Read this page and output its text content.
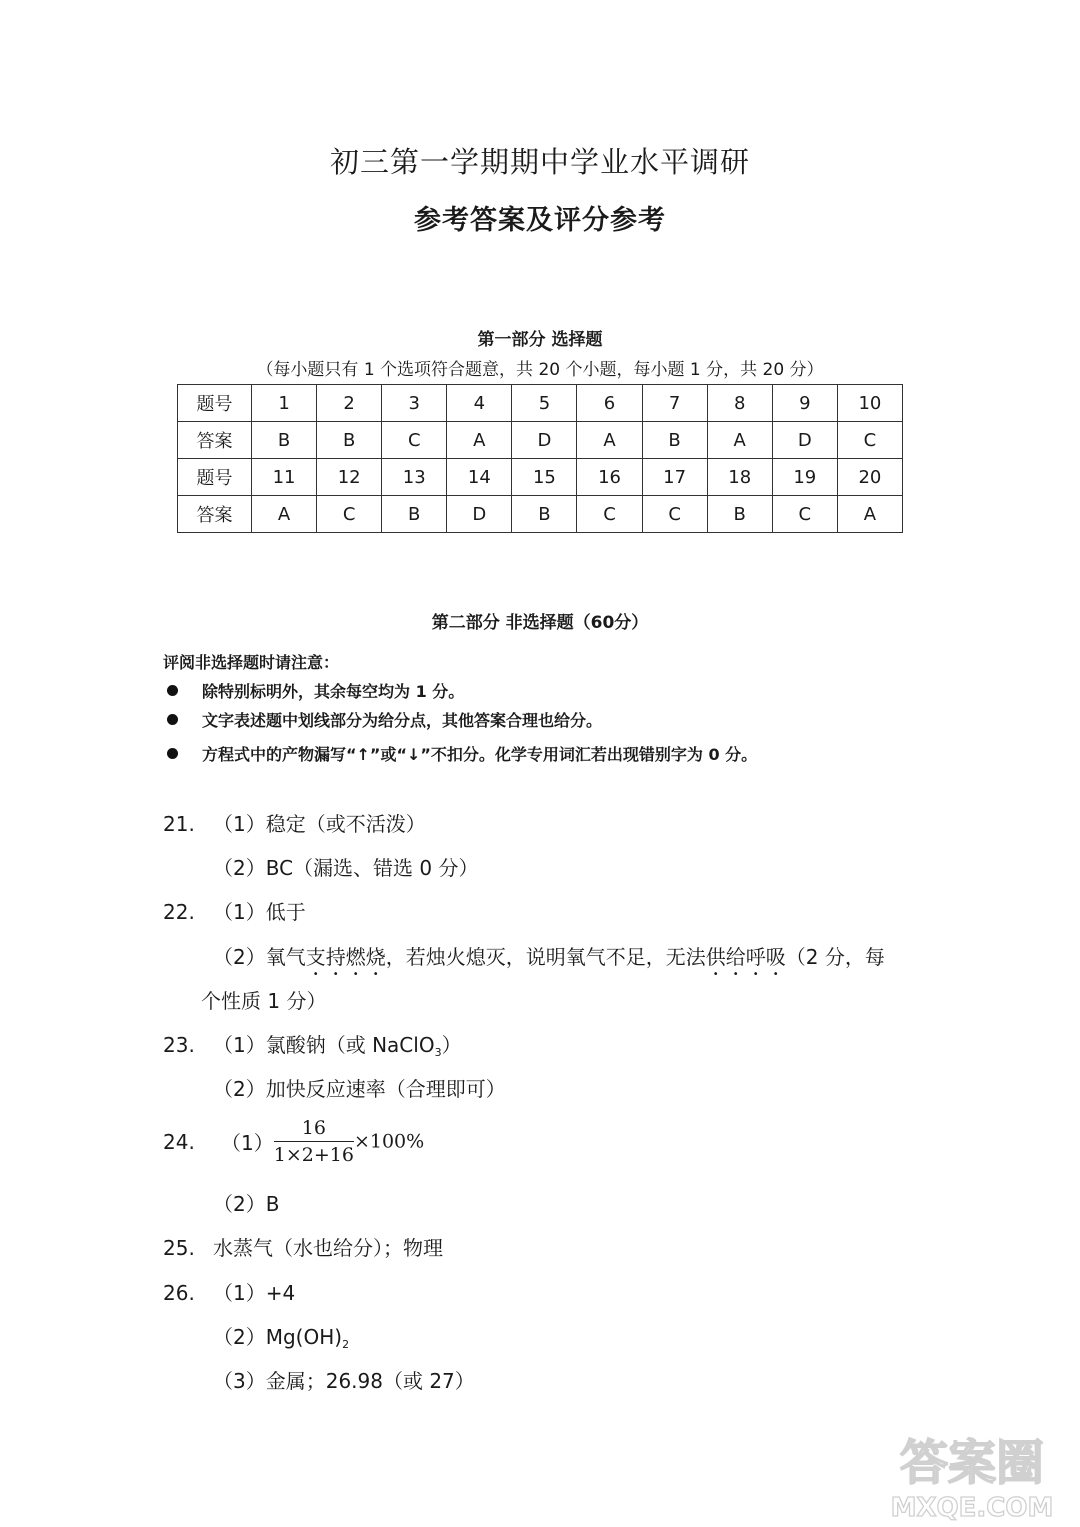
初三第一学期期中学业水平调研
参考答案及评分参考
第一部分 选择题
（每小题只有 1 个选项符合题意，共 20 个小题，每小题 1 分，共 20 分）
题号	1	2	3	4	5	6	7	8	9	10
答案	B	B	C	A	D	A	B	A	D	C
题号	11	12	13	14	15	16	17	18	19	20
答案	A	C	B	D	B	C	C	B	C	A
第二部分 非选择题（60分）
评阅非选择题时请注意：
除特别标明外，其余每空均为 1 分。
文字表述题中划线部分为给分点，其他答案合理也给分。
方程式中的产物漏写“↑”或“↓”不扣分。化学专用词汇若出现错别字为 0 分。
21. （1）稳定（或不活泼）
（2）BC（漏选、错选 0 分）
22. （1）低于
（2）氧气支持燃烧，若烛火熄灭，说明氧气不足，无法供给呼吸（2 分，每
个性质 1 分）
23. （1）氯酸钠（或 NaClO$_3$）
（2）加快反应速率（合理即可）
24. $(1) \frac{16}{1\times 2+16} \times 100\%$
（2）B
25. 水蒸气（水也给分）；物理
26. （1）+4
$(2)Mg(OH)_2$
（3）金属；26.98（或 27）
答案圈
MXQE.COM
